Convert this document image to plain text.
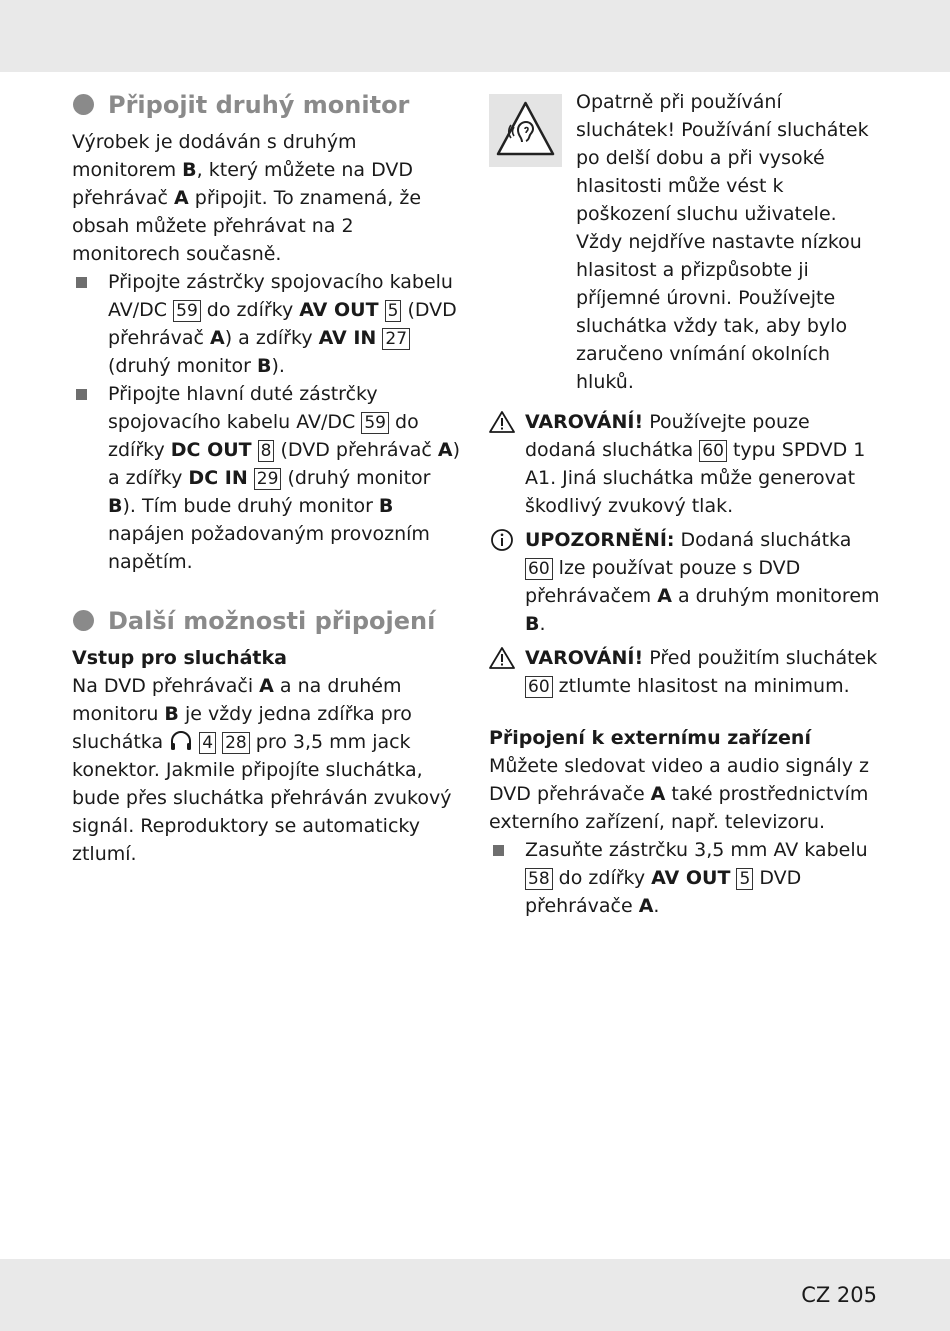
Připojit druhý monitor

Výrobek je dodáván s druhým monitorem B, který můžete na DVD přehrávač A připojit. To znamená, že obsah můžete přehrávat na 2 monitorech současně.

Připojte zástrčky spojovacího kabelu AV/DC 59 do zdířky AV OUT 5 (DVD přehrávač A) a zdířky AV IN 27 (druhý monitor B).
Připojte hlavní duté zástrčky spojovacího kabelu AV/DC 59 do zdířky DC OUT 8 (DVD přehrávač A) a zdířky DC IN 29 (druhý monitor B). Tím bude druhý monitor B napájen požadovaným provozním napětím.
Další možnosti připojení
Vstup pro sluchátka

Na DVD přehrávači A a na druhém monitoru B je vždy jedna zdířka pro sluchátka  4 28 pro 3,5 mm jack konektor. Jakmile připojíte sluchátka, bude přes sluchátka přehráván zvukový signál. Reproduktory se automaticky ztlumí.

Opatrně při používání sluchátek! Používání sluchátek po delší dobu a při vysoké hlasitosti může vést k poškození sluchu uživatele. Vždy nejdříve nastavte nízkou hlasitost a přizpůsobte ji příjemné úrovni. Používejte sluchátka vždy tak, aby bylo zaručeno vnímání okolních hluků.

VAROVÁNÍ! Používejte pouze dodaná sluchátka 60 typu SPDVD 1 A1. Jiná sluchátka může generovat škodlivý zvukový tlak.

UPOZORNĚNÍ: Dodaná sluchátka 60 lze používat pouze s DVD přehrávačem A a druhým monitorem B.

VAROVÁNÍ! Před použitím sluchátek 60 ztlumte hlasitost na minimum.

Připojení k externímu zařízení

Můžete sledovat video a audio signály z DVD přehrávače A také prostřednictvím externího zařízení, např. televizoru.

Zasuňte zástrčku 3,5 mm AV kabelu 58 do zdířky AV OUT 5 DVD přehrávače A.
CZ 205
